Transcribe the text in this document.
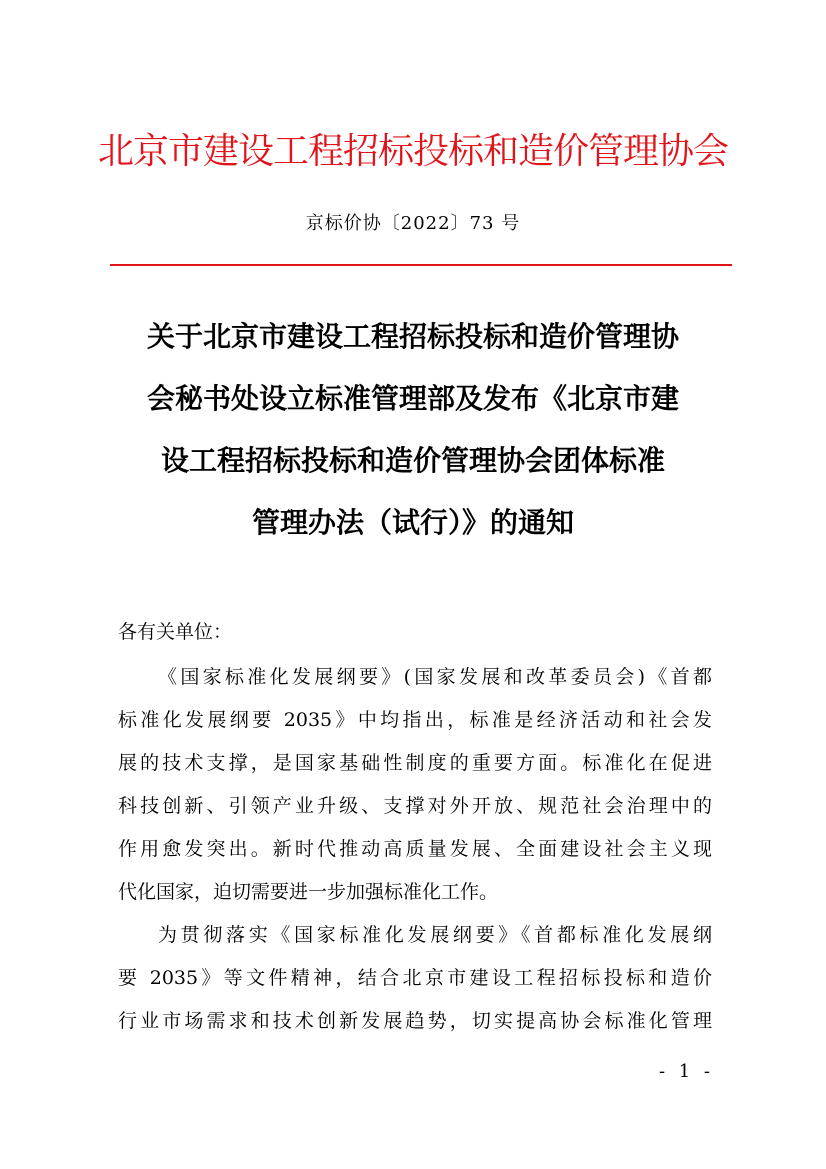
北京市建设工程招标投标和造价管理协会
京标价协〔2022〕73 号
关于北京市建设工程招标投标和造价管理协
会秘书处设立标准管理部及发布《北京市建
设工程招标投标和造价管理协会团体标准
管理办法（试行）》的通知
各有关单位：
《国家标准化发展纲要》(国家发展和改革委员会)《首都
标准化发展纲要 2035》中均指出，标准是经济活动和社会发
展的技术支撑，是国家基础性制度的重要方面。标准化在促进
科技创新、引领产业升级、支撑对外开放、规范社会治理中的
作用愈发突出。新时代推动高质量发展、全面建设社会主义现
代化国家，迫切需要进一步加强标准化工作。
为贯彻落实《国家标准化发展纲要》《首都标准化发展纲
要 2035》等文件精神，结合北京市建设工程招标投标和造价
行业市场需求和技术创新发展趋势，切实提高协会标准化管理
- 1 -
